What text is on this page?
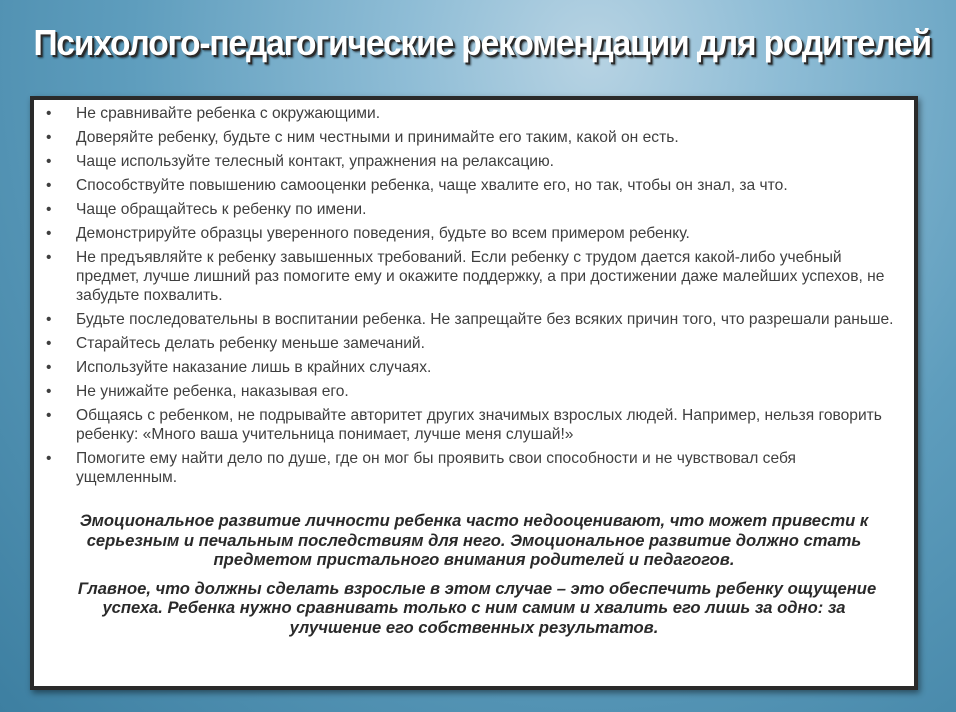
Психолого-педагогические рекомендации для родителей
• Не сравнивайте ребенка с окружающими.
• Доверяйте ребенку, будьте с ним честными и принимайте его таким, какой он есть.
• Чаще используйте телесный контакт, упражнения на релаксацию.
• Способствуйте повышению самооценки ребенка, чаще хвалите его, но так, чтобы он знал, за что.
• Чаще обращайтесь к ребенку по имени.
• Демонстрируйте образцы уверенного поведения, будьте во всем примером ребенку.
• Не предъявляйте к ребенку завышенных требований. Если ребенку с трудом дается какой-либо учебный предмет, лучше лишний раз помогите ему и окажите поддержку, а при достижении даже малейших успехов, не забудьте похвалить.
• Будьте последовательны в воспитании ребенка. Не запрещайте без всяких причин того, что разрешали раньше.
• Старайтесь делать ребенку меньше замечаний.
• Используйте наказание лишь в крайних случаях.
• Не унижайте ребенка, наказывая его.
• Общаясь с ребенком, не подрывайте авторитет других значимых взрослых людей. Например, нельзя говорить ребенку: «Много ваша учительница понимает, лучше меня слушай!»
• Помогите ему найти дело по душе, где он мог бы проявить свои способности и не чувствовал себя ущемленным.

Эмоциональное развитие личности ребенка часто недооценивают, что может привести к серьезным и печальным последствиям для него. Эмоциональное развитие должно стать предметом пристального внимания родителей и педагогов.

Главное, что должны сделать взрослые в этом случае – это обеспечить ребенку ощущение успеха. Ребенка нужно сравнивать только с ним самим и хвалить его лишь за одно: за улучшение его собственных результатов.
